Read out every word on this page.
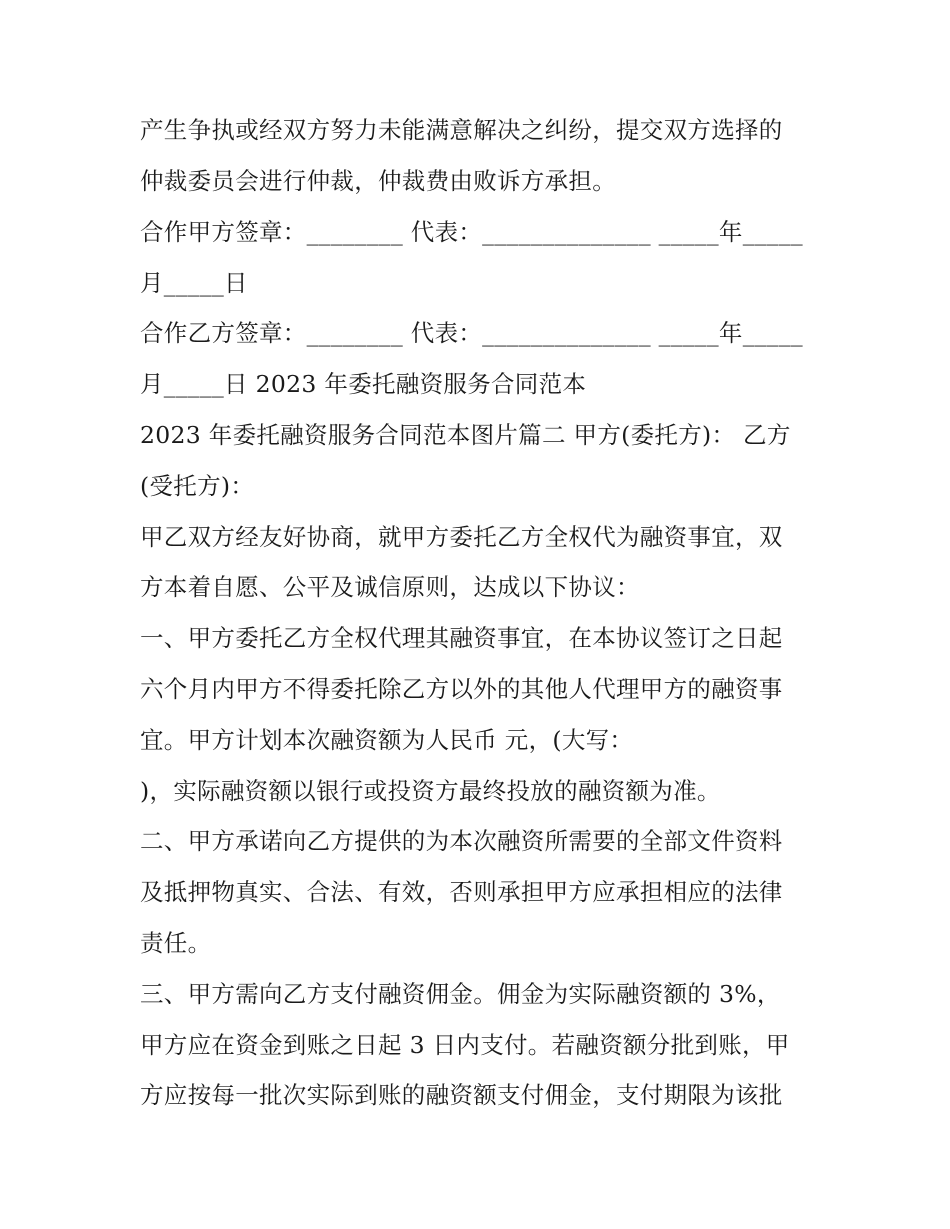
产生争执或经双方努力未能满意解决之纠纷，提交双方选择的
仲裁委员会进行仲裁，仲裁费由败诉方承担。
合作甲方签章：________ 代表：______________ _____年_____
月_____日
合作乙方签章：________ 代表：______________ _____年_____
月_____日 2023 年委托融资服务合同范本
2023 年委托融资服务合同范本图片篇二 甲方(委托方)： 乙方
(受托方)：
甲乙双方经友好协商，就甲方委托乙方全权代为融资事宜，双
方本着自愿、公平及诚信原则，达成以下协议：
一、甲方委托乙方全权代理其融资事宜，在本协议签订之日起
六个月内甲方不得委托除乙方以外的其他人代理甲方的融资事
宜。甲方计划本次融资额为人民币 元，(大写：
)，实际融资额以银行或投资方最终投放的融资额为准。
二、甲方承诺向乙方提供的为本次融资所需要的全部文件资料
及抵押物真实、合法、有效，否则承担甲方应承担相应的法律
责任。
三、甲方需向乙方支付融资佣金。佣金为实际融资额的 3%，
甲方应在资金到账之日起 3 日内支付。若融资额分批到账，甲
方应按每一批次实际到账的融资额支付佣金，支付期限为该批
